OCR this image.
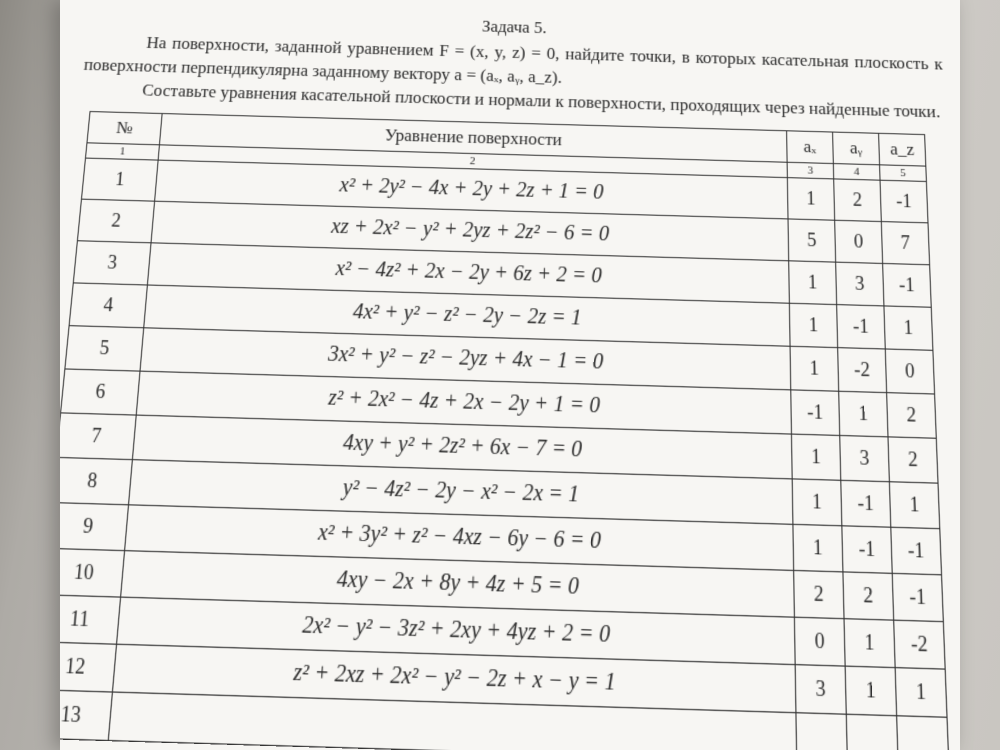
Задача 5.

На поверхности, заданной уравнением F = (x, y, z) = 0, найдите точки, в которых касательная плоскость к поверхности перпендикулярна заданному вектору a = (aₓ, aᵧ, a_z).

Составьте уравнения касательной плоскости и нормали к поверхности, проходящих через найденные точки.

№	Уравнение поверхности	aₓ	aᵧ	a_z
1	2	3	4	5
1	x² + 2y² − 4x + 2y + 2z + 1 = 0	1	2	-1
2	xz + 2x² − y² + 2yz + 2z² − 6 = 0	5	0	7
3	x² − 4z² + 2x − 2y + 6z + 2 = 0	1	3	-1
4	4x² + y² − z² − 2y − 2z = 1	1	-1	1
5	3x² + y² − z² − 2yz + 4x − 1 = 0	1	-2	0
6	z² + 2x² − 4z + 2x − 2y + 1 = 0	-1	1	2
7	4xy + y² + 2z² + 6x − 7 = 0	1	3	2
8	y² − 4z² − 2y − x² − 2x = 1	1	-1	1
9	x² + 3y² + z² − 4xz − 6y − 6 = 0	1	-1	-1
10	4xy − 2x + 8y + 4z + 5 = 0	2	2	-1
11	2x² − y² − 3z² + 2xy + 4yz + 2 = 0	0	1	-2
12	z² + 2xz + 2x² − y² − 2z + x − y = 1	3	1	1
13				
